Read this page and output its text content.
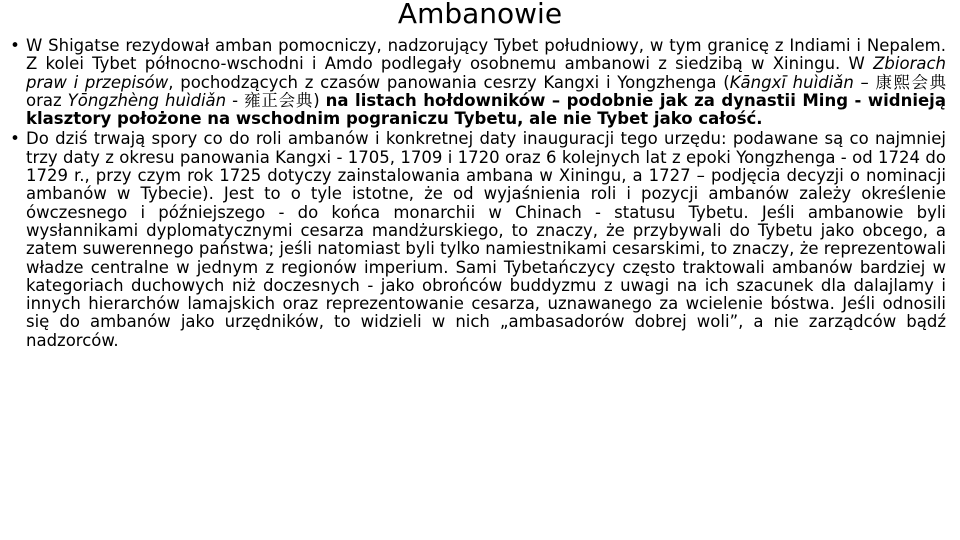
Ambanowie
• W Shigatse rezydował amban pomocniczy, nadzorujący Tybet południowy, w tym granicę z Indiami i Nepalem. Z kolei Tybet północno-wschodni i Amdo podlegały osobnemu ambanowi z siedzibą w Xiningu. W Zbiorach praw i przepisów, pochodzących z czasów panowania cesrzy Kangxi i Yongzhenga (Kāngxī huìdiǎn – 康熙会典 oraz Yōngzhèng huìdiǎn - 雍正会典) na listach hołdowników – podobnie jak za dynastii Ming - widnieją klasztory położone na wschodnim pograniczu Tybetu, ale nie Tybet jako całość.
• Do dziś trwają spory co do roli ambanów i konkretnej daty inauguracji tego urzędu: podawane są co najmniej trzy daty z okresu panowania Kangxi - 1705, 1709 i 1720 oraz 6 kolejnych lat z epoki Yongzhenga - od 1724 do 1729 r., przy czym rok 1725 dotyczy zainstalowania ambana w Xiningu, a 1727 – podjęcia decyzji o nominacji ambanów w Tybecie). Jest to o tyle istotne, że od wyjaśnienia roli i pozycji ambanów zależy określenie ówczesnego i późniejszego - do końca monarchii w Chinach - statusu Tybetu. Jeśli ambanowie byli wysłannikami dyplomatycznymi cesarza mandżurskiego, to znaczy, że przybywali do Tybetu jako obcego, a zatem suwerennego państwa; jeśli natomiast byli tylko namiestnikami cesarskimi, to znaczy, że reprezentowali władze centralne w jednym z regionów imperium. Sami Tybetańczycy często traktowali ambanów bardziej w kategoriach duchowych niż doczesnych - jako obrońców buddyzmu z uwagi na ich szacunek dla dalajlamy i innych hierarchów lamajskich oraz reprezentowanie cesarza, uznawanego za wcielenie bóstwa. Jeśli odnosili się do ambanów jako urzędników, to widzieli w nich „ambasadorów dobrej woli”, a nie zarządców bądź nadzorców.
